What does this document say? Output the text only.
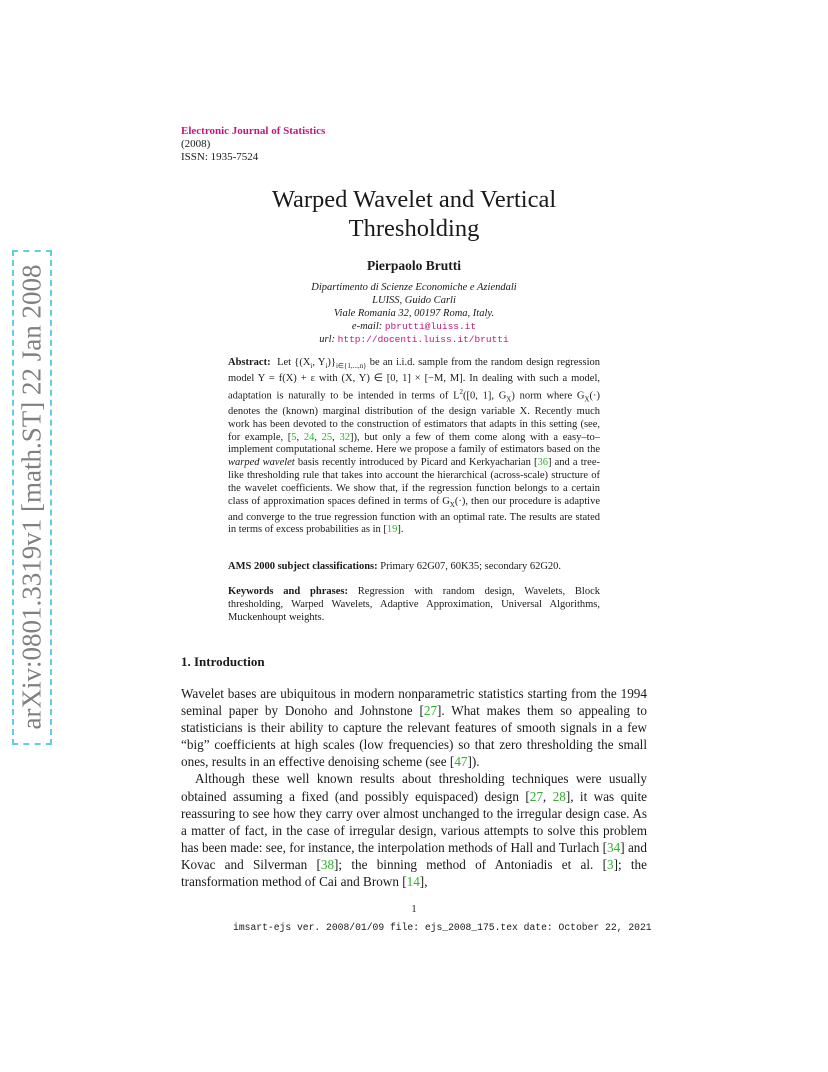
arXiv:0801.3319v1 [math.ST] 22 Jan 2008
Electronic Journal of Statistics
(2008)
ISSN: 1935-7524
Warped Wavelet and Vertical
Thresholding
Pierpaolo Brutti
Dipartimento di Scienze Economiche e Aziendali
LUISS, Guido Carli
Viale Romania 32, 00197 Roma, Italy.
e-mail: pbrutti@luiss.it
url: http://docenti.luiss.it/brutti
Abstract: Let {($X_i$, $Y_i)\}_{i\in\{1,...,n\}}$ be an i.i.d. sample from the random design regression model Y = f(X) + ε with (X, Y) ∈ [0, 1] × [−M, M]. In dealing with such a model, adaptation is naturally to be intended in terms of $L^2([0$, 1], $G_X$) norm where $G_X(\cdot)$ denotes the (known) marginal distribution of the design variable X. Recently much work has been devoted to the construction of estimators that adapts in this setting (see, for example, [5, 24, 25, 32]), but only a few of them come along with a easy–to–implement computational scheme. Here we propose a family of estimators based on the warped wavelet basis recently introduced by Picard and Kerkyacharian [36] and a tree-like thresholding rule that takes into account the hierarchical (across-scale) structure of the wavelet coefficients. We show that, if the regression function belongs to a certain class of approximation spaces defined in terms of $G_X(\cdot)$, then our procedure is adaptive and converge to the true regression function with an optimal rate. The results are stated in terms of excess probabilities as in [19].
AMS 2000 subject classifications: Primary 62G07, 60K35; secondary 62G20.
Keywords and phrases: Regression with random design, Wavelets, Block thresholding, Warped Wavelets, Adaptive Approximation, Universal Algorithms, Muckenhoupt weights.
1. Introduction

Wavelet bases are ubiquitous in modern nonparametric statistics starting from the 1994 seminal paper by Donoho and Johnstone [27]. What makes them so appealing to statisticians is their ability to capture the relevant features of smooth signals in a few “big” coefficients at high scales (low frequencies) so that zero thresholding the small ones, results in an effective denoising scheme (see [47]).

Although these well known results about thresholding techniques were usually obtained assuming a fixed (and possibly equispaced) design [27, 28], it was quite reassuring to see how they carry over almost unchanged to the irregular design case. As a matter of fact, in the case of irregular design, various attempts to solve this problem has been made: see, for instance, the interpolation methods of Hall and Turlach [34] and Kovac and Silverman [38]; the binning method of Antoniadis et al. [3]; the transformation method of Cai and Brown [14],

1
imsart-ejs ver. 2008/01/09 file: ejs_2008_175.tex date: October 22, 2021
